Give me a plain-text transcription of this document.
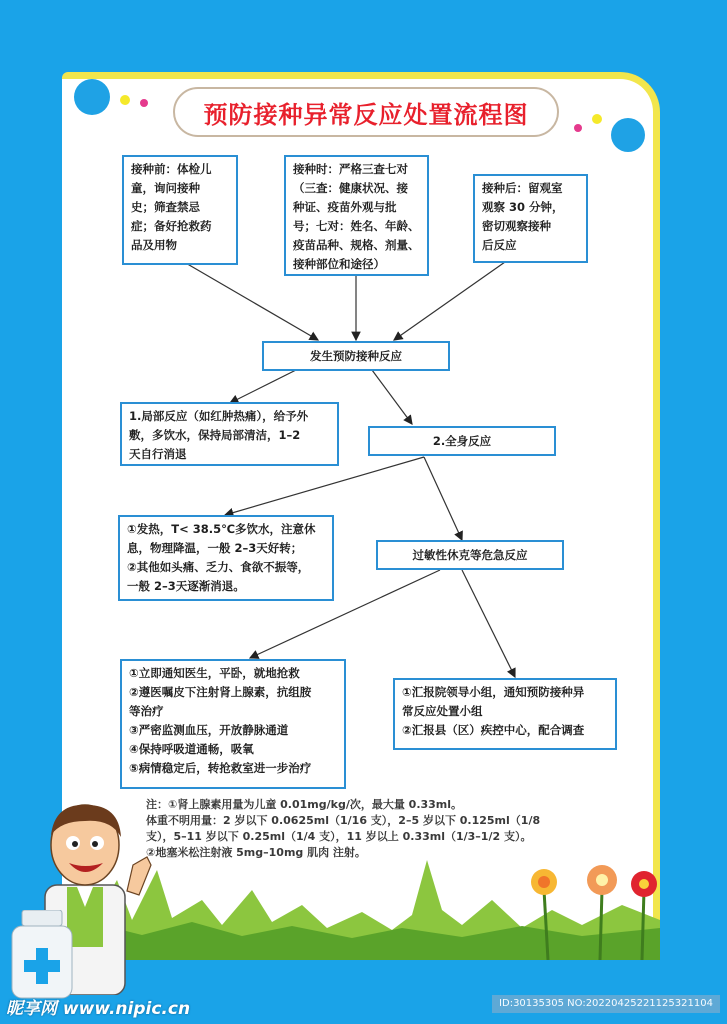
预防接种异常反应处置流程图
接种前：体检儿
童，询问接种
史；筛查禁忌
症；备好抢救药
品及用物
接种时：严格三查七对
（三查：健康状况、接
种证、疫苗外观与批
号；七对：姓名、年龄、
疫苗品种、规格、剂量、
接种部位和途径）
接种后：留观室
观察 30 分钟，
密切观察接种
后反应
发生预防接种反应
1.局部反应（如红肿热痛），给予外
敷，多饮水，保持局部清洁，1–2
天自行消退
2.全身反应
①发热，T< 38.5℃多饮水，注意休
息，物理降温，一般 2–3天好转；
②其他如头痛、乏力、食欲不振等，
一般 2–3天逐渐消退。
过敏性休克等危急反应
①立即通知医生，平卧，就地抢救
②遵医嘱皮下注射肾上腺素，抗组胺
等治疗
③严密监测血压，开放静脉通道
④保持呼吸道通畅，吸氧
⑤病情稳定后，转抢救室进一步治疗
①汇报院领导小组，通知预防接种异
常反应处置小组
②汇报县（区）疾控中心，配合调查
注：①肾上腺素用量为儿童 0.01mg/kg/次，最大量 0.33ml。
体重不明用量：2 岁以下 0.0625ml（1/16 支），2–5 岁以下 0.125ml（1/8
支），5–11 岁以下 0.25ml（1/4 支），11 岁以上 0.33ml（1/3–1/2 支）。
②地塞米松注射液 5mg–10mg 肌肉 注射。
昵享网 www.nipic.cn	ID:30135305 NO:20220425221125321104
